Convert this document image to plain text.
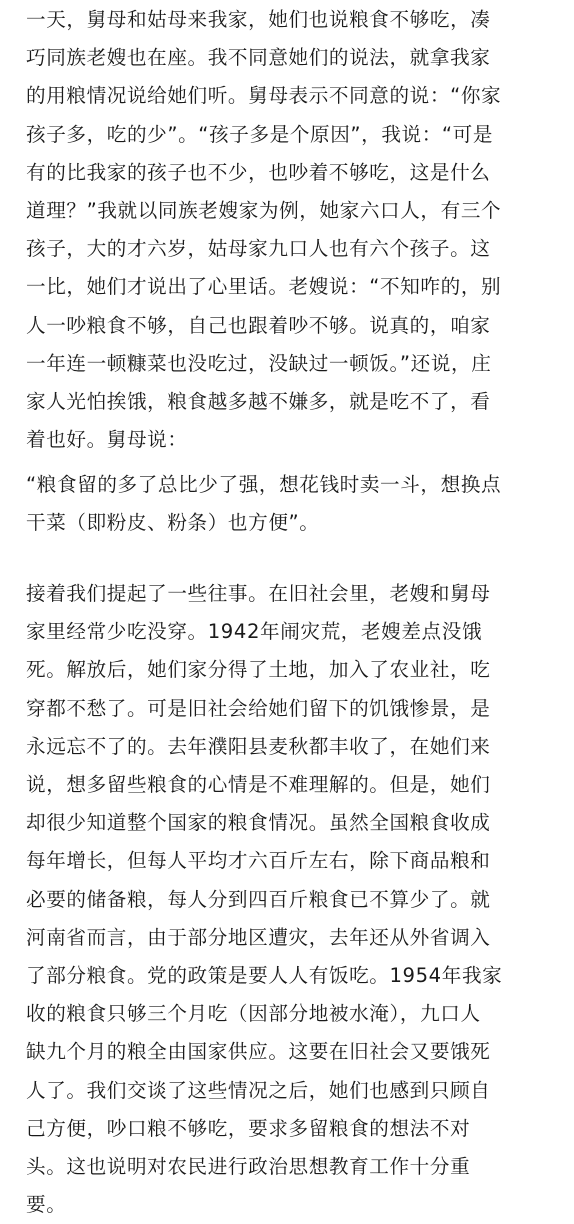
一天，舅母和姑母来我家，她们也说粮食不够吃，凑
巧同族老嫂也在座。我不同意她们的说法，就拿我家
的用粮情况说给她们听。舅母表示不同意的说：“你家
孩子多，吃的少”。“孩子多是个原因”，我说：“可是
有的比我家的孩子也不少，也吵着不够吃，这是什么
道理？”我就以同族老嫂家为例，她家六口人，有三个
孩子，大的才六岁，姑母家九口人也有六个孩子。这
一比，她们才说出了心里话。老嫂说：“不知咋的，别
人一吵粮食不够，自己也跟着吵不够。说真的，咱家
一年连一顿糠菜也没吃过，没缺过一顿饭。”还说，庄
家人光怕挨饿，粮食越多越不嫌多，就是吃不了，看
着也好。舅母说：
“粮食留的多了总比少了强，想花钱时卖一斗，想换点
干菜（即粉皮、粉条）也方便”。
接着我们提起了一些往事。在旧社会里，老嫂和舅母
家里经常少吃没穿。1942年闹灾荒，老嫂差点没饿
死。解放后，她们家分得了土地，加入了农业社，吃
穿都不愁了。可是旧社会给她们留下的饥饿惨景，是
永远忘不了的。去年濮阳县麦秋都丰收了，在她们来
说，想多留些粮食的心情是不难理解的。但是，她们
却很少知道整个国家的粮食情况。虽然全国粮食收成
每年增长，但每人平均才六百斤左右，除下商品粮和
必要的储备粮，每人分到四百斤粮食已不算少了。就
河南省而言，由于部分地区遭灾，去年还从外省调入
了部分粮食。党的政策是要人人有饭吃。1954年我家
收的粮食只够三个月吃（因部分地被水淹），九口人
缺九个月的粮全由国家供应。这要在旧社会又要饿死
人了。我们交谈了这些情况之后，她们也感到只顾自
己方便，吵口粮不够吃，要求多留粮食的想法不对
头。这也说明对农民进行政治思想教育工作十分重
要。
